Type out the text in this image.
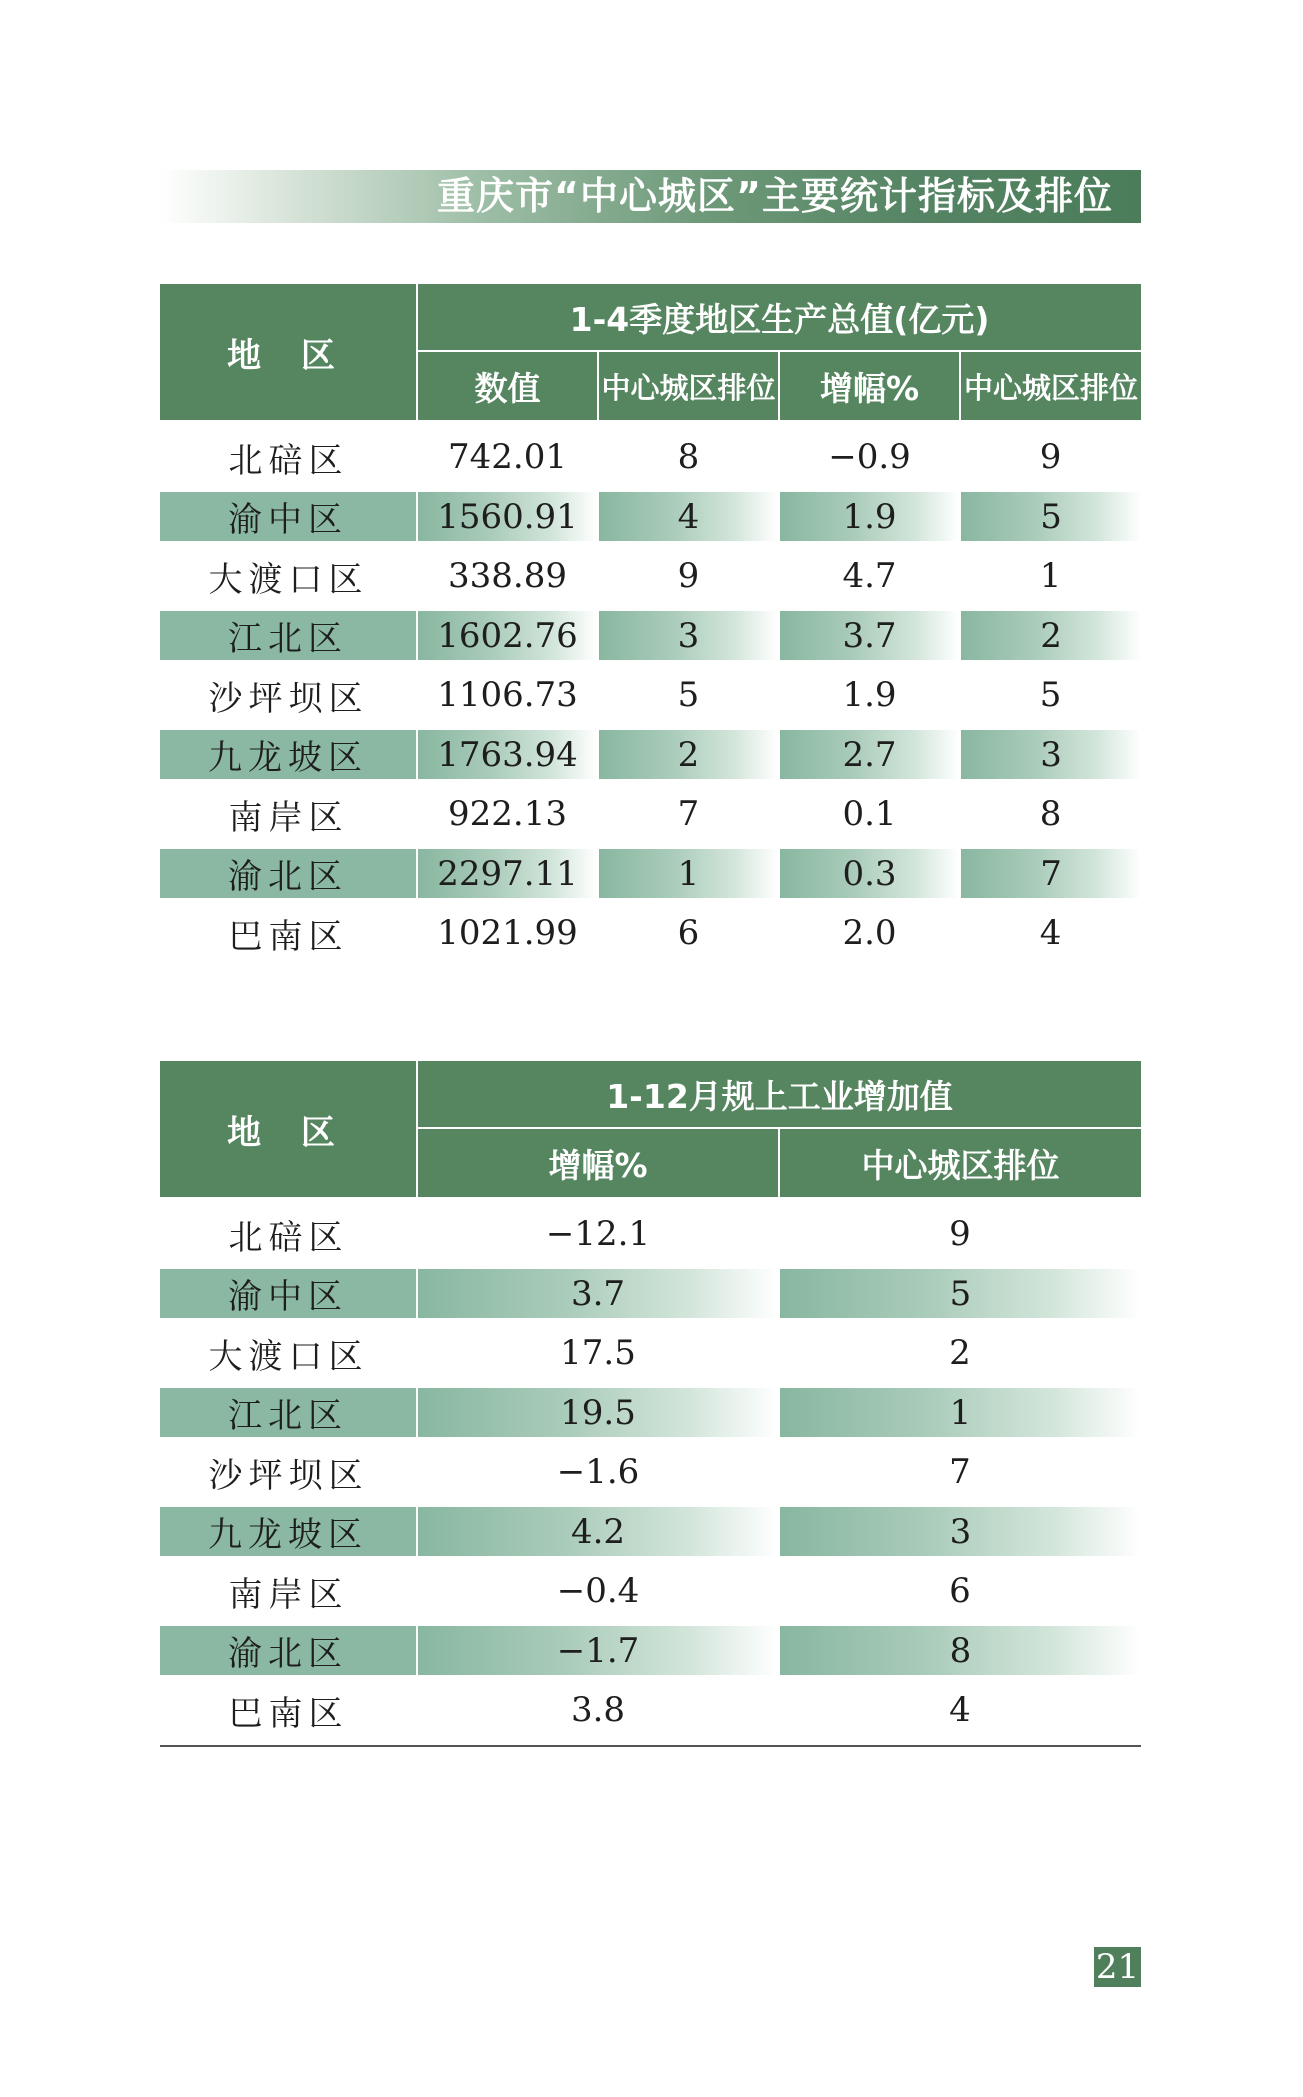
重庆市“中心城区”主要统计指标及排位
地 区	1-4季度地区生产总值(亿元)			
	数值	中心城区排位	增幅%	中心城区排位
北碚区	742.01	8	−0.9	9
渝中区	1560.91	4	1.9	5
大渡口区	338.89	9	4.7	1
江北区	1602.76	3	3.7	2
沙坪坝区	1106.73	5	1.9	5
九龙坡区	1763.94	2	2.7	3
南岸区	922.13	7	0.1	8
渝北区	2297.11	1	0.3	7
巴南区	1021.99	6	2.0	4
地 区	1-12月规上工业增加值	
	增幅%	中心城区排位
北碚区	−12.1	9
渝中区	3.7	5
大渡口区	17.5	2
江北区	19.5	1
沙坪坝区	−1.6	7
九龙坡区	4.2	3
南岸区	−0.4	6
渝北区	−1.7	8
巴南区	3.8	4
21
